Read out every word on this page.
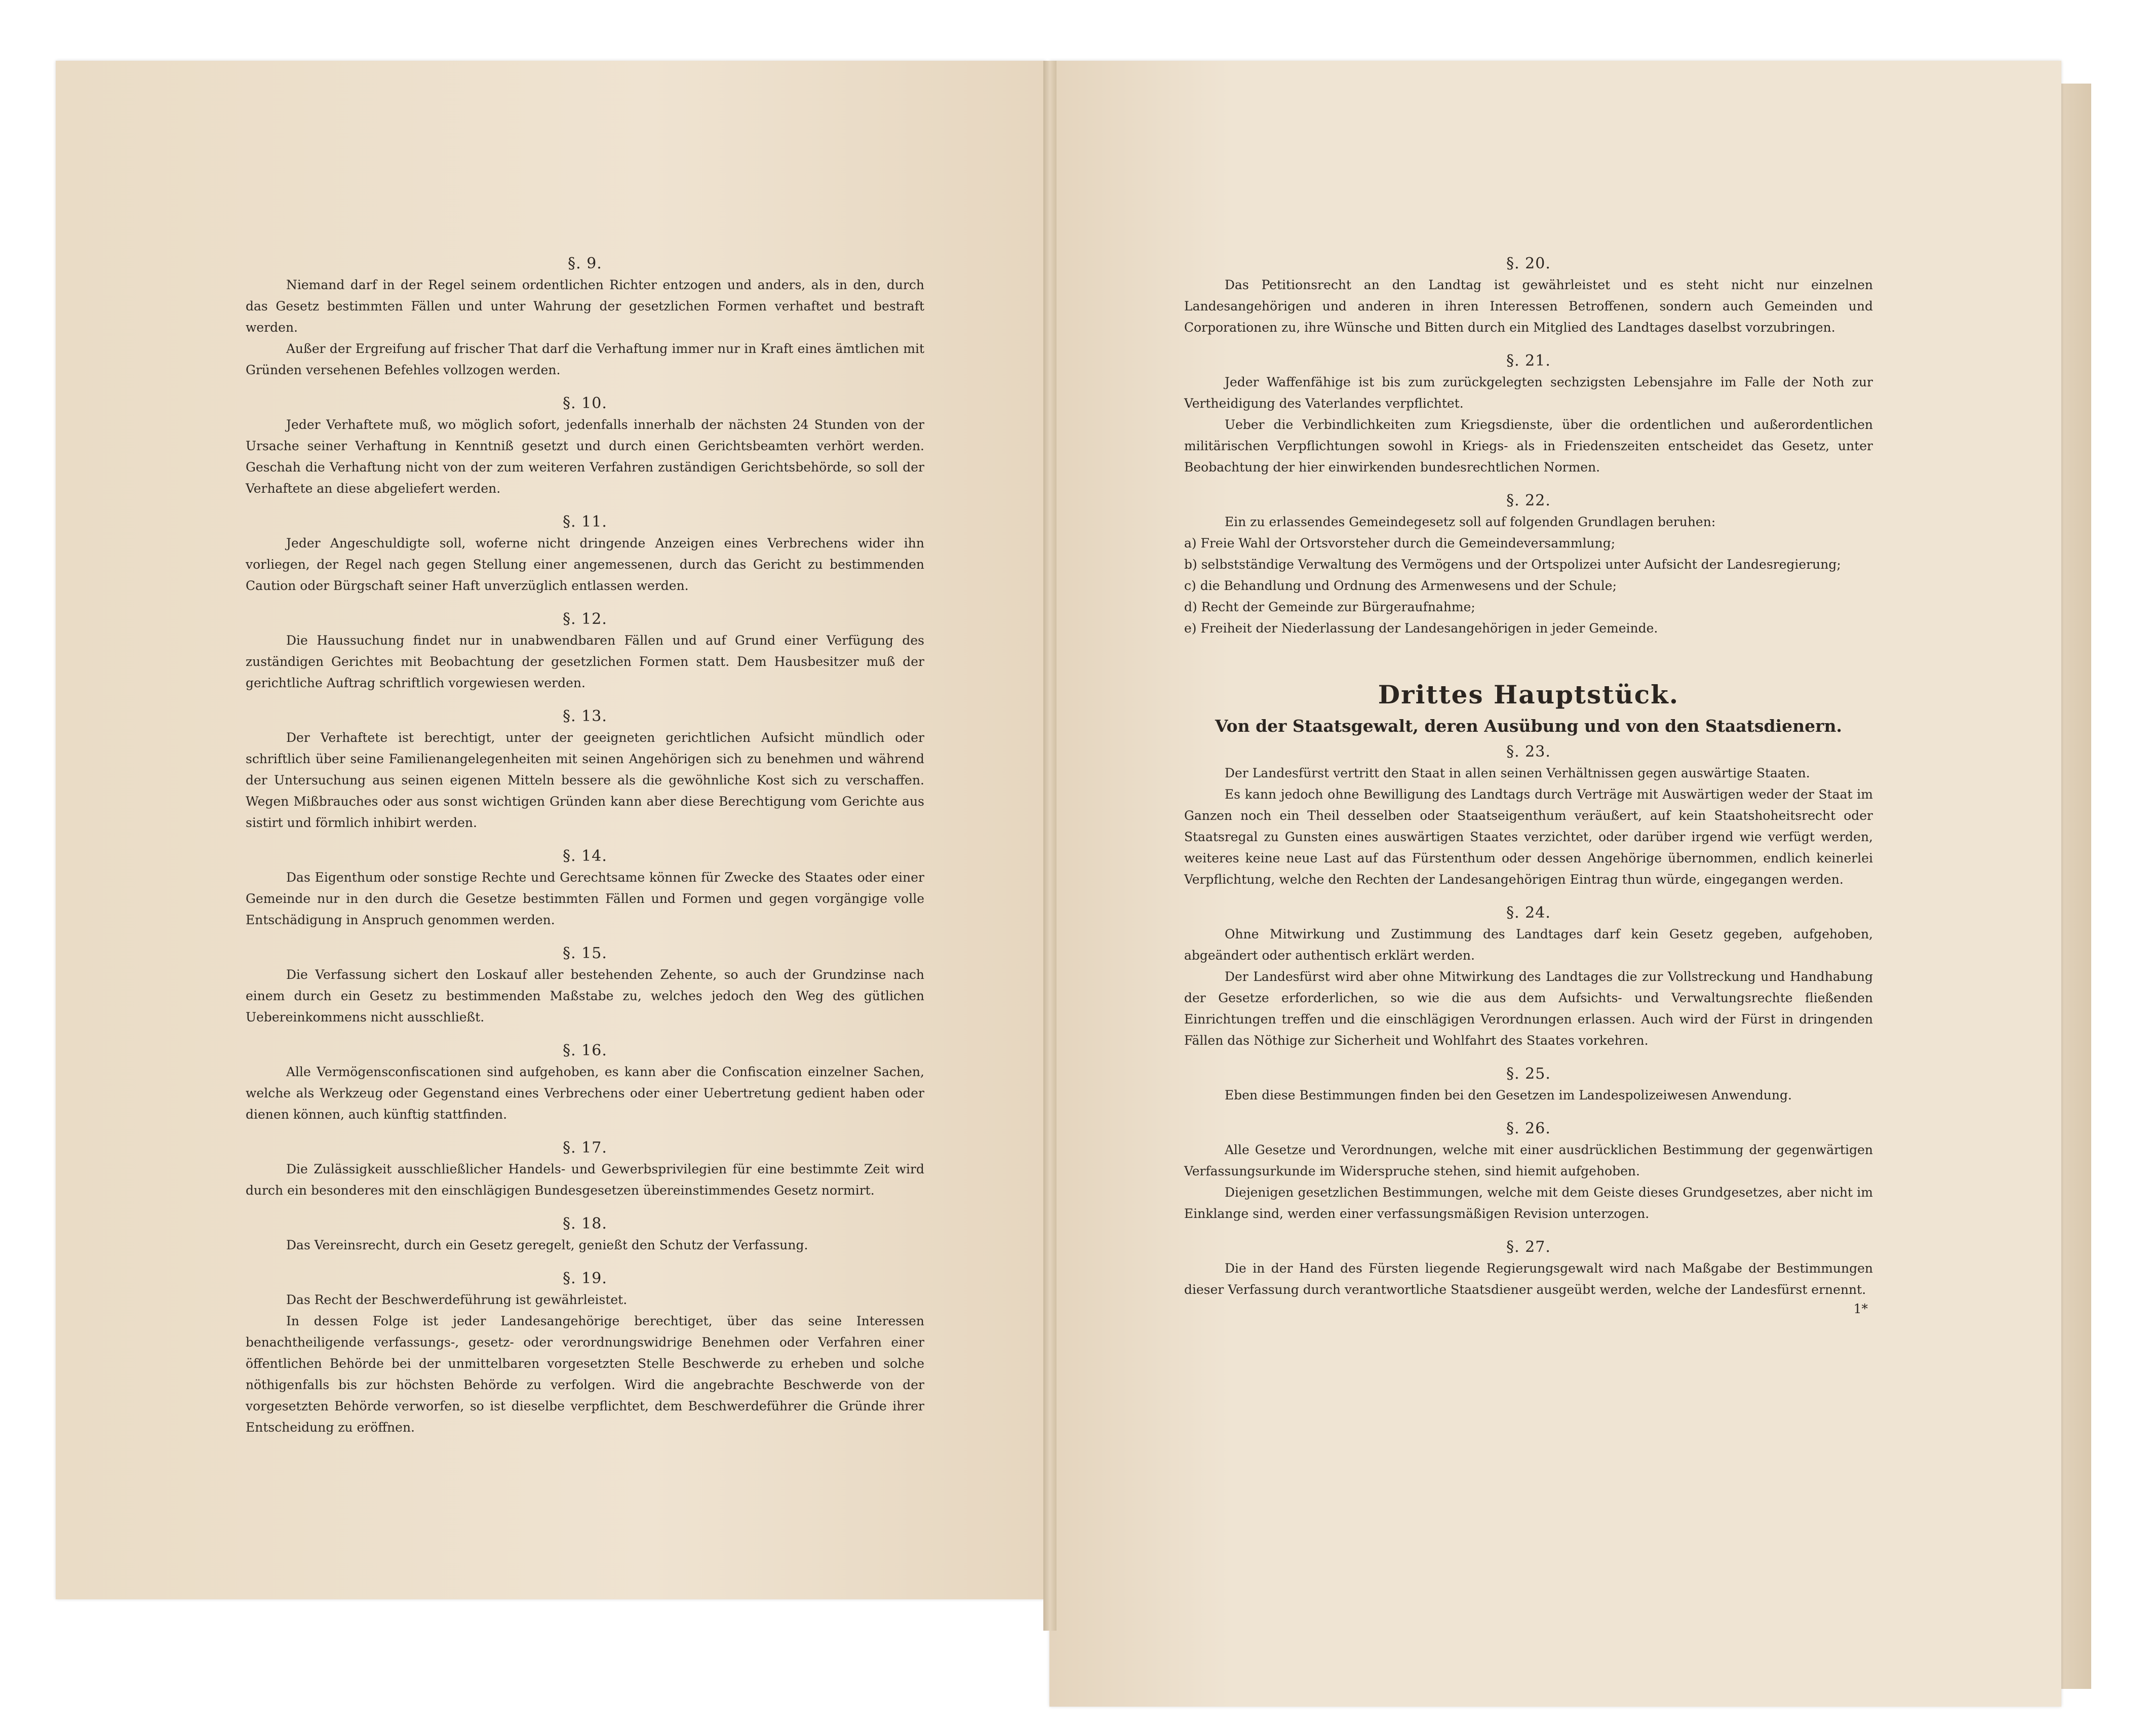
§. 9.

Niemand darf in der Regel seinem ordentlichen Richter entzogen und anders, als in den, durch das Gesetz bestimmten Fällen und unter Wahrung der gesetzlichen Formen verhaftet und bestraft werden.

Außer der Ergreifung auf frischer That darf die Verhaftung immer nur in Kraft eines ämtlichen mit Gründen versehenen Befehles vollzogen werden.

§. 10.

Jeder Verhaftete muß, wo möglich sofort, jedenfalls innerhalb der nächsten 24 Stunden von der Ursache seiner Verhaftung in Kenntniß gesetzt und durch einen Gerichtsbeamten verhört werden. Geschah die Verhaftung nicht von der zum weiteren Verfahren zuständigen Gerichtsbehörde, so soll der Verhaftete an diese abgeliefert werden.

§. 11.

Jeder Angeschuldigte soll, woferne nicht dringende Anzeigen eines Verbrechens wider ihn vorliegen, der Regel nach gegen Stellung einer angemessenen, durch das Gericht zu bestimmenden Caution oder Bürgschaft seiner Haft unverzüglich entlassen werden.

§. 12.

Die Haussuchung findet nur in unabwendbaren Fällen und auf Grund einer Verfügung des zuständigen Gerichtes mit Beobachtung der gesetzlichen Formen statt. Dem Hausbesitzer muß der gerichtliche Auftrag schriftlich vorgewiesen werden.

§. 13.

Der Verhaftete ist berechtigt, unter der geeigneten gerichtlichen Aufsicht mündlich oder schriftlich über seine Familienangelegenheiten mit seinen Angehörigen sich zu benehmen und während der Untersuchung aus seinen eigenen Mitteln bessere als die gewöhnliche Kost sich zu verschaffen. Wegen Mißbrauches oder aus sonst wichtigen Gründen kann aber diese Berechtigung vom Gerichte aus sistirt und förmlich inhibirt werden.

§. 14.

Das Eigenthum oder sonstige Rechte und Gerechtsame können für Zwecke des Staates oder einer Gemeinde nur in den durch die Gesetze bestimmten Fällen und Formen und gegen vorgängige volle Entschädigung in Anspruch genommen werden.

§. 15.

Die Verfassung sichert den Loskauf aller bestehenden Zehente, so auch der Grundzinse nach einem durch ein Gesetz zu bestimmenden Maßstabe zu, welches jedoch den Weg des gütlichen Uebereinkommens nicht ausschließt.

§. 16.

Alle Vermögensconfiscationen sind aufgehoben, es kann aber die Confiscation einzelner Sachen, welche als Werkzeug oder Gegenstand eines Verbrechens oder einer Uebertretung gedient haben oder dienen können, auch künftig stattfinden.

§. 17.

Die Zulässigkeit ausschließlicher Handels- und Gewerbsprivilegien für eine bestimmte Zeit wird durch ein besonderes mit den einschlägigen Bundesgesetzen übereinstimmendes Gesetz normirt.

§. 18.

Das Vereinsrecht, durch ein Gesetz geregelt, genießt den Schutz der Verfassung.

§. 19.

Das Recht der Beschwerdeführung ist gewährleistet.

In dessen Folge ist jeder Landesangehörige berechtiget, über das seine Interessen benachtheiligende verfassungs-, gesetz- oder verordnungswidrige Benehmen oder Verfahren einer öffentlichen Behörde bei der unmittelbaren vorgesetzten Stelle Beschwerde zu erheben und solche nöthigenfalls bis zur höchsten Behörde zu verfolgen. Wird die angebrachte Beschwerde von der vorgesetzten Behörde verworfen, so ist dieselbe verpflichtet, dem Beschwerdeführer die Gründe ihrer Entscheidung zu eröffnen.

§. 20.

Das Petitionsrecht an den Landtag ist gewährleistet und es steht nicht nur einzelnen Landesangehörigen und anderen in ihren Interessen Betroffenen, sondern auch Gemeinden und Corporationen zu, ihre Wünsche und Bitten durch ein Mitglied des Landtages daselbst vorzubringen.

§. 21.

Jeder Waffenfähige ist bis zum zurückgelegten sechzigsten Lebensjahre im Falle der Noth zur Vertheidigung des Vaterlandes verpflichtet.

Ueber die Verbindlichkeiten zum Kriegsdienste, über die ordentlichen und außerordentlichen militärischen Verpflichtungen sowohl in Kriegs- als in Friedenszeiten entscheidet das Gesetz, unter Beobachtung der hier einwirkenden bundesrechtlichen Normen.

§. 22.

Ein zu erlassendes Gemeindegesetz soll auf folgenden Grundlagen beruhen:

a) Freie Wahl der Ortsvorsteher durch die Gemeindeversammlung;

b) selbstständige Verwaltung des Vermögens und der Ortspolizei unter Aufsicht der Landesregierung;

c) die Behandlung und Ordnung des Armenwesens und der Schule;

d) Recht der Gemeinde zur Bürgeraufnahme;

e) Freiheit der Niederlassung der Landesangehörigen in jeder Gemeinde.

Drittes Hauptstück.
Von der Staatsgewalt, deren Ausübung und von den Staatsdienern.
§. 23.

Der Landesfürst vertritt den Staat in allen seinen Verhältnissen gegen auswärtige Staaten.

Es kann jedoch ohne Bewilligung des Landtags durch Verträge mit Auswärtigen weder der Staat im Ganzen noch ein Theil desselben oder Staatseigenthum veräußert, auf kein Staatshoheitsrecht oder Staatsregal zu Gunsten eines auswärtigen Staates verzichtet, oder darüber irgend wie verfügt werden, weiteres keine neue Last auf das Fürstenthum oder dessen Angehörige übernommen, endlich keinerlei Verpflichtung, welche den Rechten der Landesangehörigen Eintrag thun würde, eingegangen werden.

§. 24.

Ohne Mitwirkung und Zustimmung des Landtages darf kein Gesetz gegeben, aufgehoben, abgeändert oder authentisch erklärt werden.

Der Landesfürst wird aber ohne Mitwirkung des Landtages die zur Vollstreckung und Handhabung der Gesetze erforderlichen, so wie die aus dem Aufsichts- und Verwaltungsrechte fließenden Einrichtungen treffen und die einschlägigen Verordnungen erlassen. Auch wird der Fürst in dringenden Fällen das Nöthige zur Sicherheit und Wohlfahrt des Staates vorkehren.

§. 25.

Eben diese Bestimmungen finden bei den Gesetzen im Landespolizeiwesen Anwendung.

§. 26.

Alle Gesetze und Verordnungen, welche mit einer ausdrücklichen Bestimmung der gegenwärtigen Verfassungsurkunde im Widerspruche stehen, sind hiemit aufgehoben.

Diejenigen gesetzlichen Bestimmungen, welche mit dem Geiste dieses Grundgesetzes, aber nicht im Einklange sind, werden einer verfassungsmäßigen Revision unterzogen.

§. 27.

Die in der Hand des Fürsten liegende Regierungsgewalt wird nach Maßgabe der Bestimmungen dieser Verfassung durch verantwortliche Staatsdiener ausgeübt werden, welche der Landesfürst ernennt.

1*
